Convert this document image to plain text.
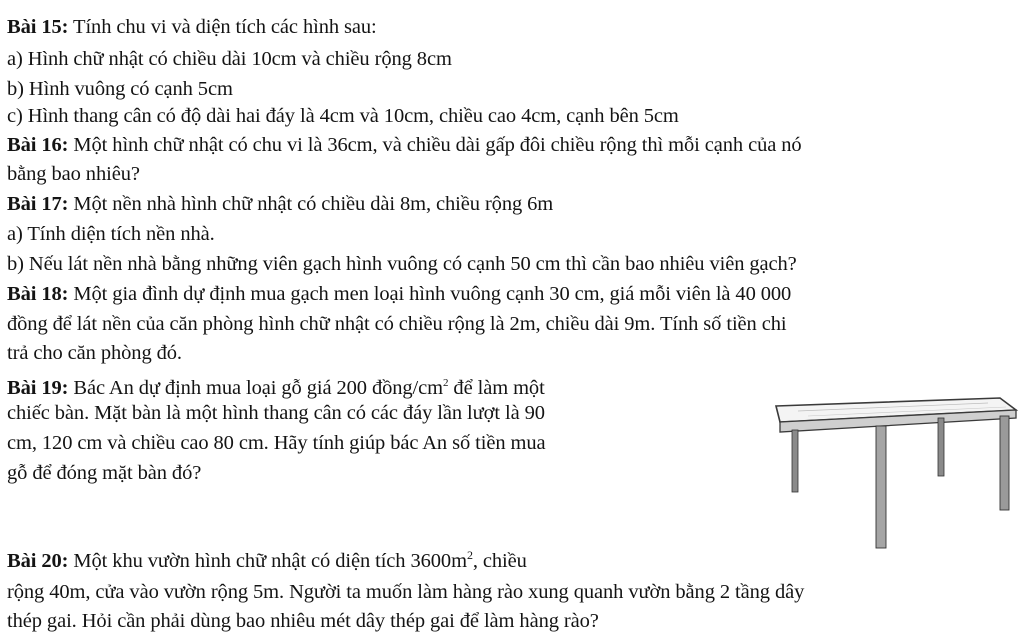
Bài 15: Tính chu vi và diện tích các hình sau:

a) Hình chữ nhật có chiều dài 10cm và chiều rộng 8cm

b) Hình vuông có cạnh 5cm

c) Hình thang cân có độ dài hai đáy là 4cm và 10cm, chiều cao 4cm, cạnh bên 5cm

Bài 16: Một hình chữ nhật có chu vi là 36cm, và chiều dài gấp đôi chiều rộng thì mỗi cạnh của nó

bằng bao nhiêu?

Bài 17: Một nền nhà hình chữ nhật có chiều dài 8m, chiều rộng 6m

a) Tính diện tích nền nhà.

b) Nếu lát nền nhà bằng những viên gạch hình vuông có cạnh 50 cm thì cần bao nhiêu viên gạch?

Bài 18: Một gia đình dự định mua gạch men loại hình vuông cạnh 30 cm, giá mỗi viên là 40 000

đồng để lát nền của căn phòng hình chữ nhật có chiều rộng là 2m, chiều dài 9m. Tính số tiền chi

trả cho căn phòng đó.

Bài 19: Bác An dự định mua loại gỗ giá 200 đồng/$cm^2$ để làm một

chiếc bàn. Mặt bàn là một hình thang cân có các đáy lần lượt là 90

cm, 120 cm và chiều cao 80 cm. Hãy tính giúp bác An số tiền mua

gỗ để đóng mặt bàn đó?

Bài 20: Một khu vườn hình chữ nhật có diện tích $3600m^2$, chiều

rộng 40m, cửa vào vườn rộng 5m. Người ta muốn làm hàng rào xung quanh vườn bằng 2 tầng dây

thép gai. Hỏi cần phải dùng bao nhiêu mét dây thép gai để làm hàng rào?
